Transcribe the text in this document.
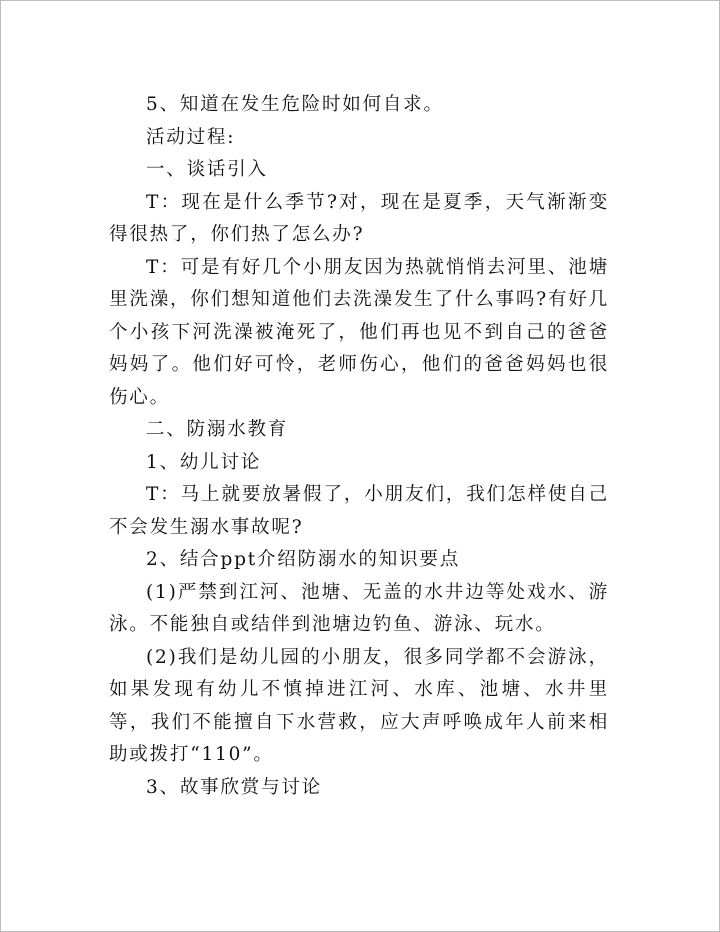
5、知道在发生危险时如何自求。

活动过程:

一、谈话引入

T：现在是什么季节?对，现在是夏季，天气渐渐变得很热了，你们热了怎么办?

T：可是有好几个小朋友因为热就悄悄去河里、池塘里洗澡，你们想知道他们去洗澡发生了什么事吗?有好几个小孩下河洗澡被淹死了，他们再也见不到自己的爸爸妈妈了。他们好可怜，老师伤心，他们的爸爸妈妈也很伤心。

二、防溺水教育

1、幼儿讨论

T：马上就要放暑假了，小朋友们，我们怎样使自己不会发生溺水事故呢?

2、结合ppt介绍防溺水的知识要点

(1)严禁到江河、池塘、无盖的水井边等处戏水、游泳。不能独自或结伴到池塘边钓鱼、游泳、玩水。

(2)我们是幼儿园的小朋友，很多同学都不会游泳，如果发现有幼儿不慎掉进江河、水库、池塘、水井里等，我们不能擅自下水营救，应大声呼唤成年人前来相助或拨打“110”。

3、故事欣赏与讨论
